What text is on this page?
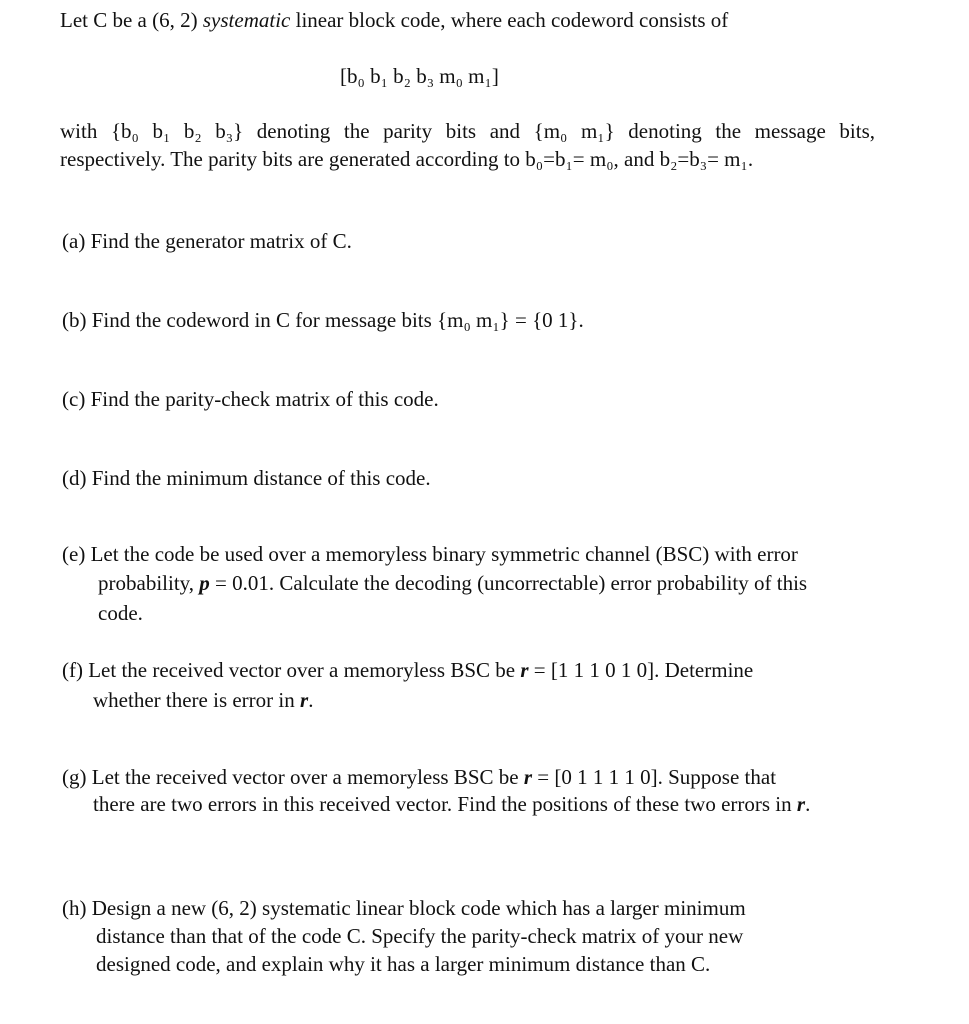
Let C be a (6, 2) systematic linear block code, where each codeword consists of
[b₀ b₁ b₂ b₃ m₀ m₁]
with {b₀ b₁ b₂ b₃} denoting the parity bits and {m₀ m₁} denoting the message bits,
respectively. The parity bits are generated according to b₀=b₁= m₀, and b₂=b₃= m₁.
(a) Find the generator matrix of C.
(b) Find the codeword in C for message bits {m₀ m₁} = {0 1}.
(c) Find the parity-check matrix of this code.
(d) Find the minimum distance of this code.
(e) Let the code be used over a memoryless binary symmetric channel (BSC) with error
probability, p = 0.01. Calculate the decoding (uncorrectable) error probability of this
code.
(f) Let the received vector over a memoryless BSC be r = [1 1 1 0 1 0]. Determine
whether there is error in r.
(g) Let the received vector over a memoryless BSC be r = [0 1 1 1 1 0]. Suppose that
there are two errors in this received vector. Find the positions of these two errors in r.
(h) Design a new (6, 2) systematic linear block code which has a larger minimum
distance than that of the code C. Specify the parity-check matrix of your new
designed code, and explain why it has a larger minimum distance than C.
